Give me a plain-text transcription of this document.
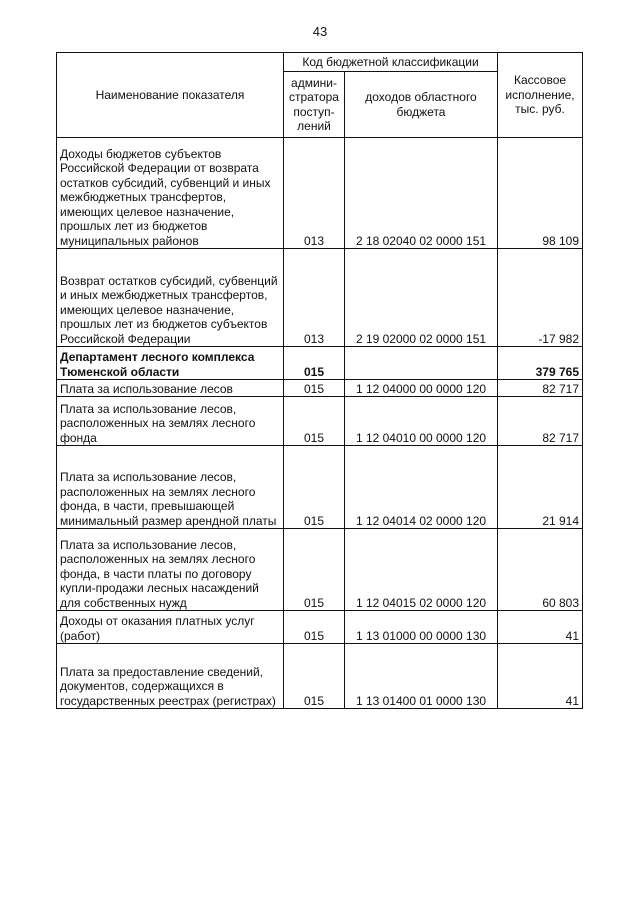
43
Наименование показателя	Код бюджетной классификации		Кассовое исполнение, тыс. руб.
	админи-стратора поступ-лений	доходов областного бюджета	
Доходы бюджетов субъектов Российской Федерации от возврата остатков субсидий, субвенций и иных межбюджетных трансфертов, имеющих целевое назначение, прошлых лет из бюджетов муниципальных районов	013	2 18 02040 02 0000 151	98 109
Возврат остатков субсидий, субвенций и иных межбюджетных трансфертов, имеющих целевое назначение, прошлых лет из бюджетов субъектов Российской Федерации	013	2 19 02000 02 0000 151	-17 982
Департамент лесного комплекса Тюменской области	015		379 765
Плата за использование лесов	015	1 12 04000 00 0000 120	82 717
Плата за использование лесов, расположенных на землях лесного фонда	015	1 12 04010 00 0000 120	82 717
Плата за использование лесов, расположенных на землях лесного фонда, в части, превышающей минимальный размер арендной платы	015	1 12 04014 02 0000 120	21 914
Плата за использование лесов, расположенных на землях лесного фонда, в части платы по договору купли-продажи лесных насаждений для собственных нужд	015	1 12 04015 02 0000 120	60 803
Доходы от оказания платных услуг (работ)	015	1 13 01000 00 0000 130	41
Плата за предоставление сведений, документов, содержащихся в государственных реестрах (регистрах)	015	1 13 01400 01 0000 130	41
